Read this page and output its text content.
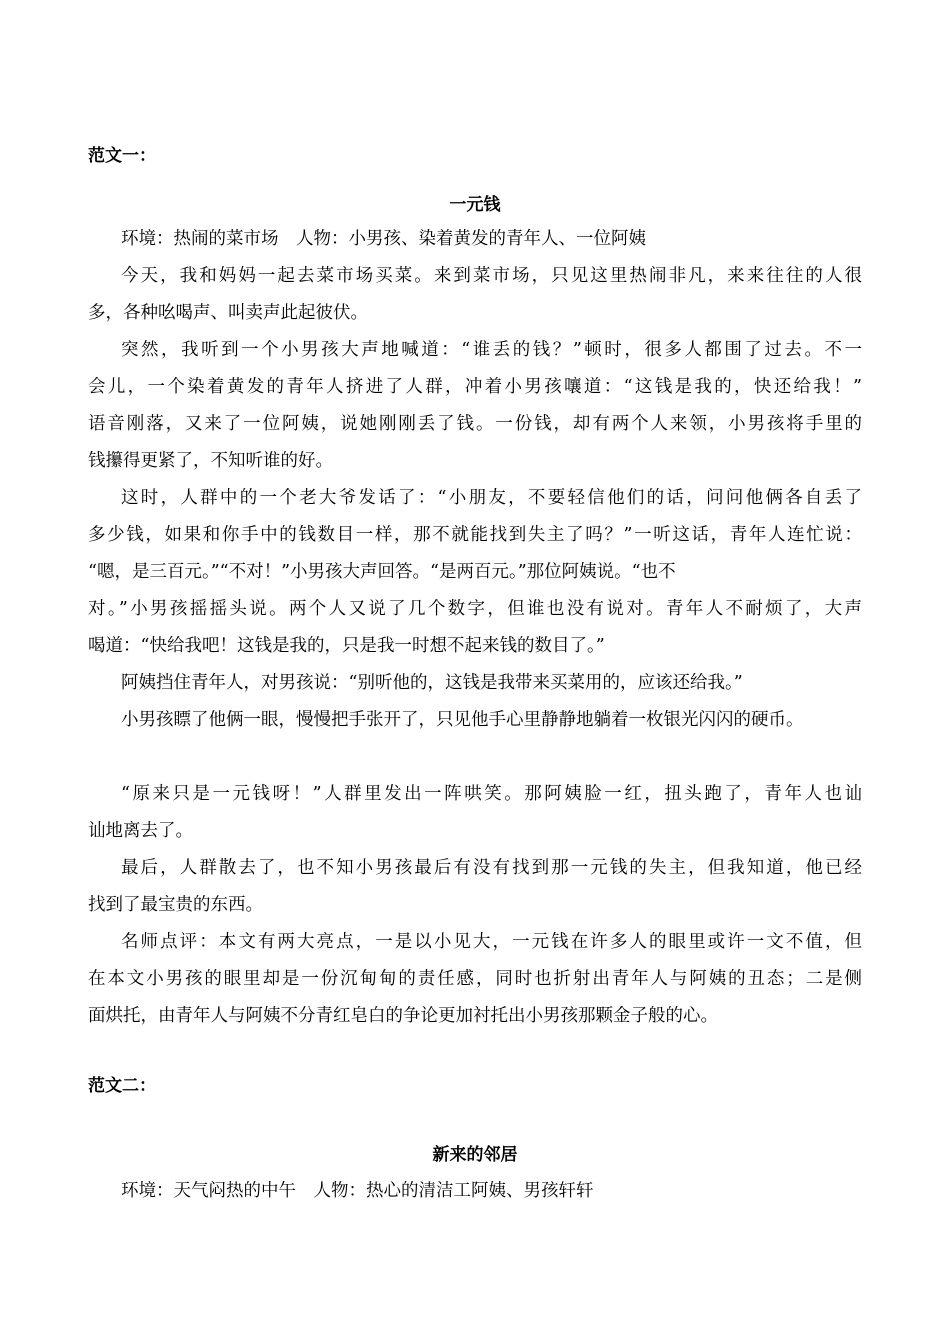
范文一：
一元钱
环境：热闹的菜市场　人物：小男孩、染着黄发的青年人、一位阿姨
今天，我和妈妈一起去菜市场买菜。来到菜市场，只见这里热闹非凡，来来往往的人很
多，各种吆喝声、叫卖声此起彼伏。
突然，我听到一个小男孩大声地喊道：“谁丢的钱？”顿时，很多人都围了过去。不一
会儿，一个染着黄发的青年人挤进了人群，冲着小男孩嚷道：“这钱是我的，快还给我！”
语音刚落，又来了一位阿姨，说她刚刚丢了钱。一份钱，却有两个人来领，小男孩将手里的
钱攥得更紧了，不知听谁的好。
这时，人群中的一个老大爷发话了：“小朋友，不要轻信他们的话，问问他俩各自丢了
多少钱，如果和你手中的钱数目一样，那不就能找到失主了吗？”一听这话，青年人连忙说：
“嗯，是三百元。”“不对！”小男孩大声回答。“是两百元。”那位阿姨说。“也不
对。”小男孩摇摇头说。两个人又说了几个数字，但谁也没有说对。青年人不耐烦了，大声
喝道：“快给我吧！这钱是我的，只是我一时想不起来钱的数目了。”
阿姨挡住青年人，对男孩说：“别听他的，这钱是我带来买菜用的，应该还给我。”
小男孩瞟了他俩一眼，慢慢把手张开了，只见他手心里静静地躺着一枚银光闪闪的硬币。
“原来只是一元钱呀！”人群里发出一阵哄笑。那阿姨脸一红，扭头跑了，青年人也讪
讪地离去了。
最后，人群散去了，也不知小男孩最后有没有找到那一元钱的失主，但我知道，他已经
找到了最宝贵的东西。
名师点评：本文有两大亮点，一是以小见大，一元钱在许多人的眼里或许一文不值，但
在本文小男孩的眼里却是一份沉甸甸的责任感，同时也折射出青年人与阿姨的丑态；二是侧
面烘托，由青年人与阿姨不分青红皂白的争论更加衬托出小男孩那颗金子般的心。
范文二：
新来的邻居
环境：天气闷热的中午　人物：热心的清洁工阿姨、男孩轩轩
